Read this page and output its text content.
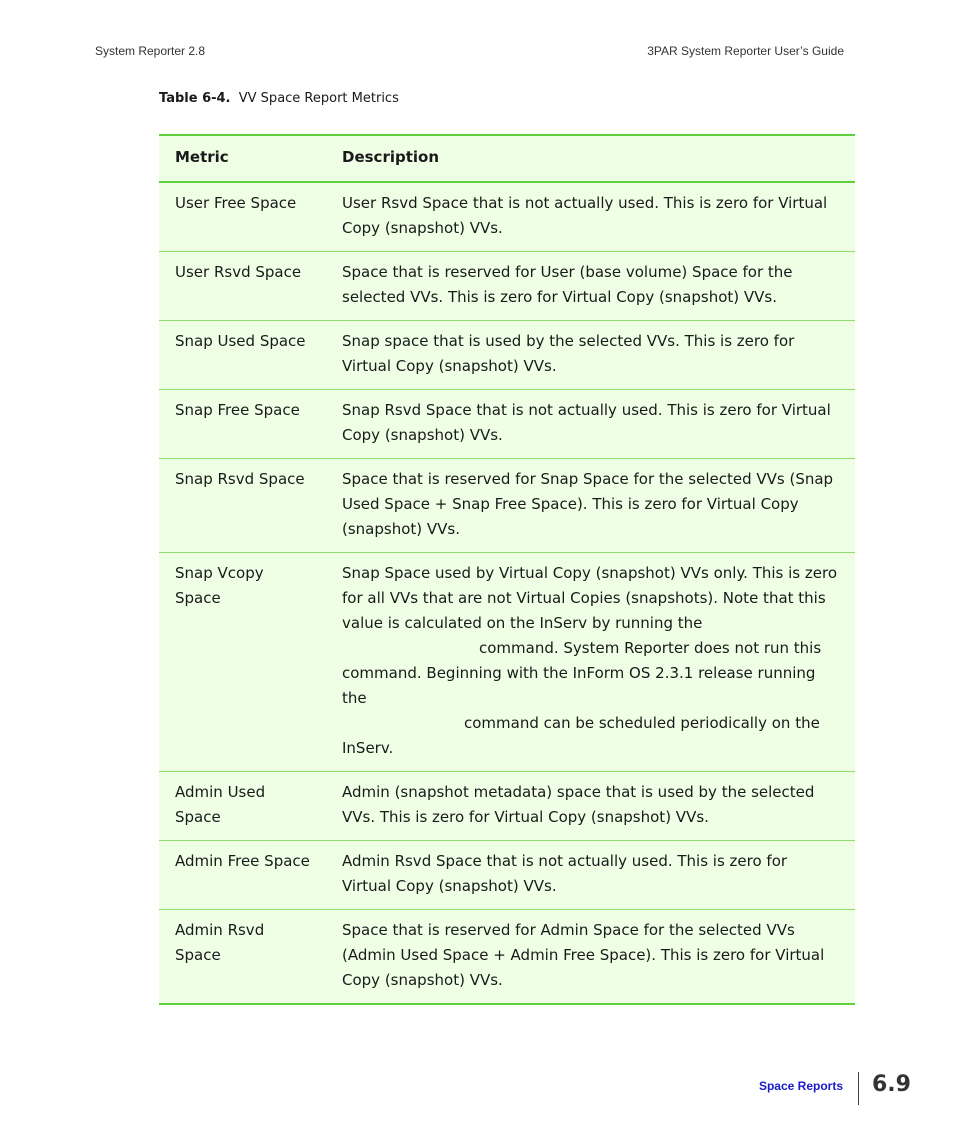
System Reporter 2.8	3PAR System Reporter User’s Guide
Table 6-4. VV Space Report Metrics
Metric	Description
User Free Space	User Rsvd Space that is not actually used. This is zero for Virtual Copy (snapshot) VVs.
User Rsvd Space	Space that is reserved for User (base volume) Space for the selected VVs. This is zero for Virtual Copy (snapshot) VVs.
Snap Used Space	Snap space that is used by the selected VVs. This is zero for Virtual Copy (snapshot) VVs.
Snap Free Space	Snap Rsvd Space that is not actually used. This is zero for Virtual Copy (snapshot) VVs.
Snap Rsvd Space	Space that is reserved for Snap Space for the selected VVs (Snap Used Space + Snap Free Space). This is zero for Virtual Copy (snapshot) VVs.
Snap Vcopy Space	Snap Space used by Virtual Copy (snapshot) VVs only. This is zero for all VVs that are not Virtual Copies (snapshots). Note that this value is calculated on the InServ by running the
command. System Reporter does not run this command. Beginning with the InForm OS 2.3.1 release running the
command can be scheduled periodically on the InServ.
Admin Used Space	Admin (snapshot metadata) space that is used by the selected VVs. This is zero for Virtual Copy (snapshot) VVs.
Admin Free Space	Admin Rsvd Space that is not actually used. This is zero for Virtual Copy (snapshot) VVs.
Admin Rsvd Space	Space that is reserved for Admin Space for the selected VVs (Admin Used Space + Admin Free Space). This is zero for Virtual Copy (snapshot) VVs.
Space Reports 6.9
